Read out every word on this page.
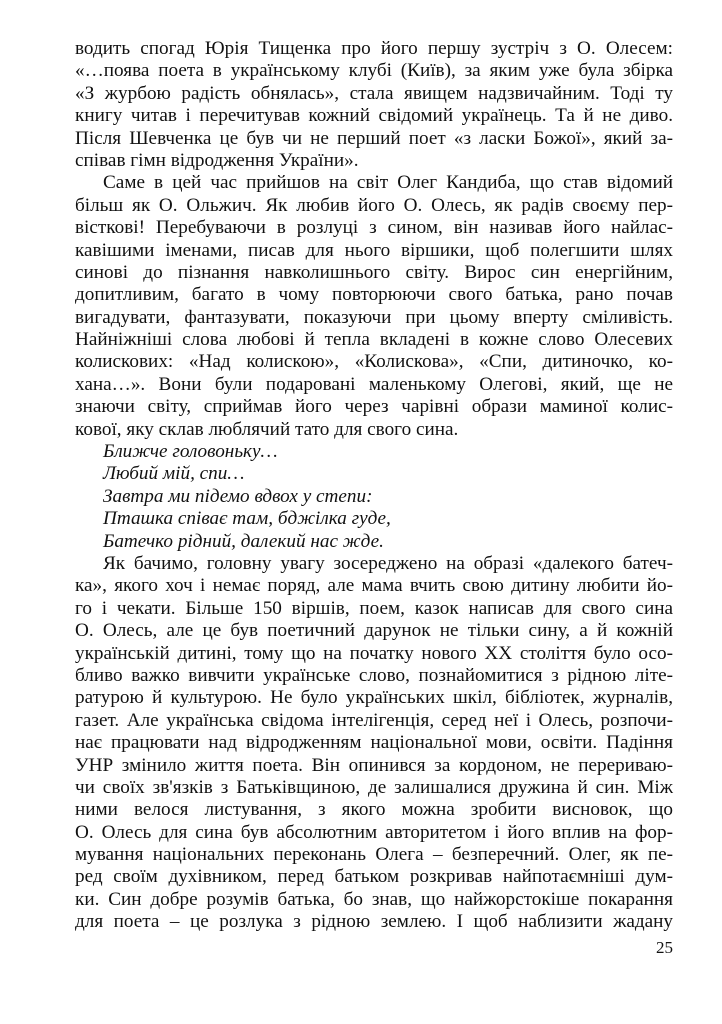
водить спогад Юрія Тищенка про його першу зустріч з О. Олесем:
«…поява поета в українському клубі (Київ), за яким уже була збірка
«З журбою радість обнялась», стала явищем надзвичайним. Тоді ту
книгу читав і перечитував кожний свідомий українець. Та й не диво.
Після Шевченка це був чи не перший поет «з ласки Божої», який за-
співав гімн відродження України».
Саме в цей час прийшов на світ Олег Кандиба, що став відомий
більш як О. Ольжич. Як любив його О. Олесь, як радів своєму пер-
вісткові! Перебуваючи в розлуці з сином, він називав його найлас-
кавішими іменами, писав для нього віршики, щоб полегшити шлях
синові до пізнання навколишнього світу. Вирос син енергійним,
допитливим, багато в чому повторюючи свого батька, рано почав
вигадувати, фантазувати, показуючи при цьому вперту сміливість.
Найніжніші слова любові й тепла вкладені в кожне слово Олесевих
колискових: «Над колискою», «Колискова», «Спи, дитиночко, ко-
хана…». Вони були подаровані маленькому Олегові, який, ще не
знаючи світу, сприймав його через чарівні образи маминої колис-
кової, яку склав люблячий тато для свого сина.
Ближче головоньку…
Любий мій, спи…
Завтра ми підемо вдвох у степи:
Пташка співає там, бджілка гуде,
Батечко рідний, далекий нас жде.
Як бачимо, головну увагу зосереджено на образі «далекого батеч-
ка», якого хоч і немає поряд, але мама вчить свою дитину любити йо-
го і чекати. Більше 150 віршів, поем, казок написав для свого сина
О. Олесь, але це був поетичний дарунок не тільки сину, а й кожній
українській дитині, тому що на початку нового XX століття було осо-
бливо важко вивчити українське слово, познайомитися з рідною літе-
ратурою й культурою. Не було українських шкіл, бібліотек, журналів,
газет. Але українська свідома інтелігенція, серед неї і Олесь, розпочи-
нає працювати над відродженням національної мови, освіти. Падіння
УНР змінило життя поета. Він опинився за кордоном, не перериваю-
чи своїх зв'язків з Батьківщиною, де залишалися дружина й син. Між
ними велося листування, з якого можна зробити висновок, що
О. Олесь для сина був абсолютним авторитетом і його вплив на фор-
мування національних переконань Олега – безперечний. Олег, як пе-
ред своїм духівником, перед батьком розкривав найпотаємніші дум-
ки. Син добре розумів батька, бо знав, що найжорстокіше покарання
для поета – це розлука з рідною землею. І щоб наблизити жадану
25
